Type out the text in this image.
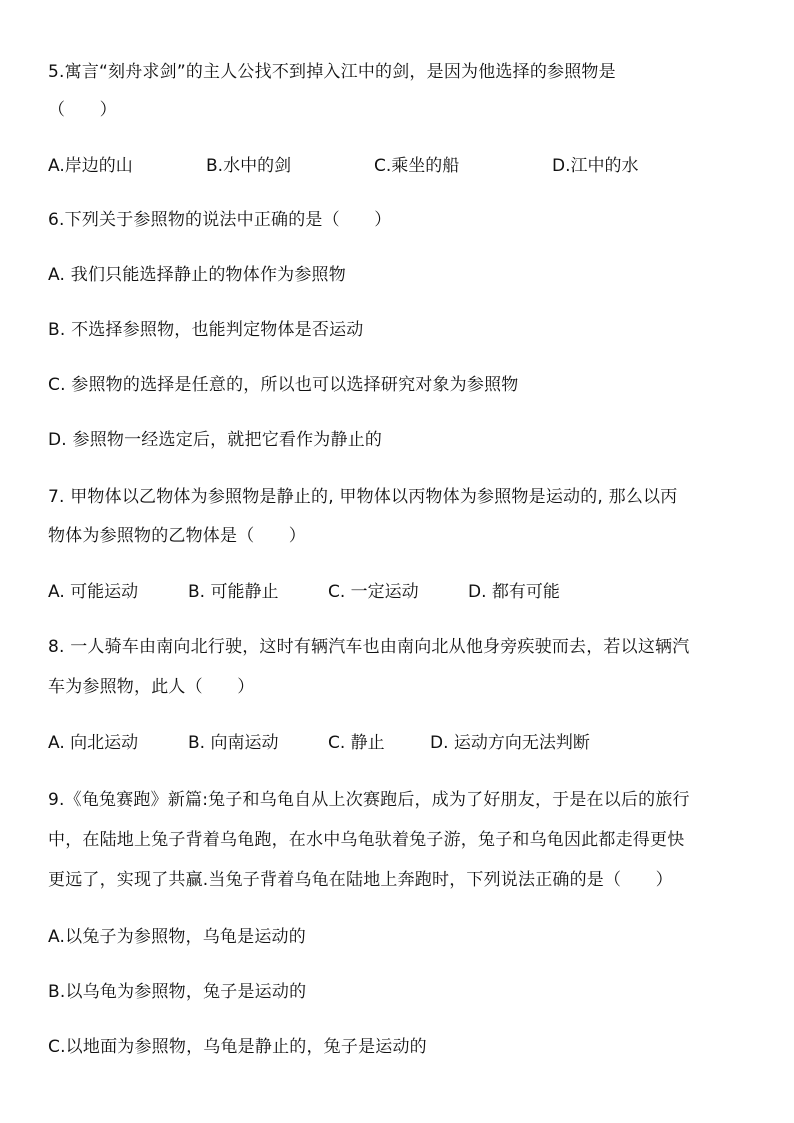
5.寓言“刻舟求剑”的主人公找不到掉入江中的剑，是因为他选择的参照物是
（　　）
A.岸边的山	B.水中的剑	C.乘坐的船	D.江中的水
6.下列关于参照物的说法中正确的是（　　）
A. 我们只能选择静止的物体作为参照物
B. 不选择参照物，也能判定物体是否运动
C. 参照物的选择是任意的，所以也可以选择研究对象为参照物
D. 参照物一经选定后，就把它看作为静止的
7. 甲物体以乙物体为参照物是静止的, 甲物体以丙物体为参照物是运动的, 那么以丙
物体为参照物的乙物体是（　　）
A. 可能运动	B. 可能静止	C. 一定运动	D. 都有可能
8. 一人骑车由南向北行驶，这时有辆汽车也由南向北从他身旁疾驶而去，若以这辆汽
车为参照物，此人（　　）
A. 向北运动	B. 向南运动	C. 静止	D. 运动方向无法判断
9.《龟兔赛跑》新篇:兔子和乌龟自从上次赛跑后，成为了好朋友，于是在以后的旅行
中，在陆地上兔子背着乌龟跑，在水中乌龟驮着兔子游，兔子和乌龟因此都走得更快
更远了，实现了共赢.当兔子背着乌龟在陆地上奔跑时，下列说法正确的是（　　）
A.以兔子为参照物，乌龟是运动的
B.以乌龟为参照物，兔子是运动的
C.以地面为参照物，乌龟是静止的，兔子是运动的
